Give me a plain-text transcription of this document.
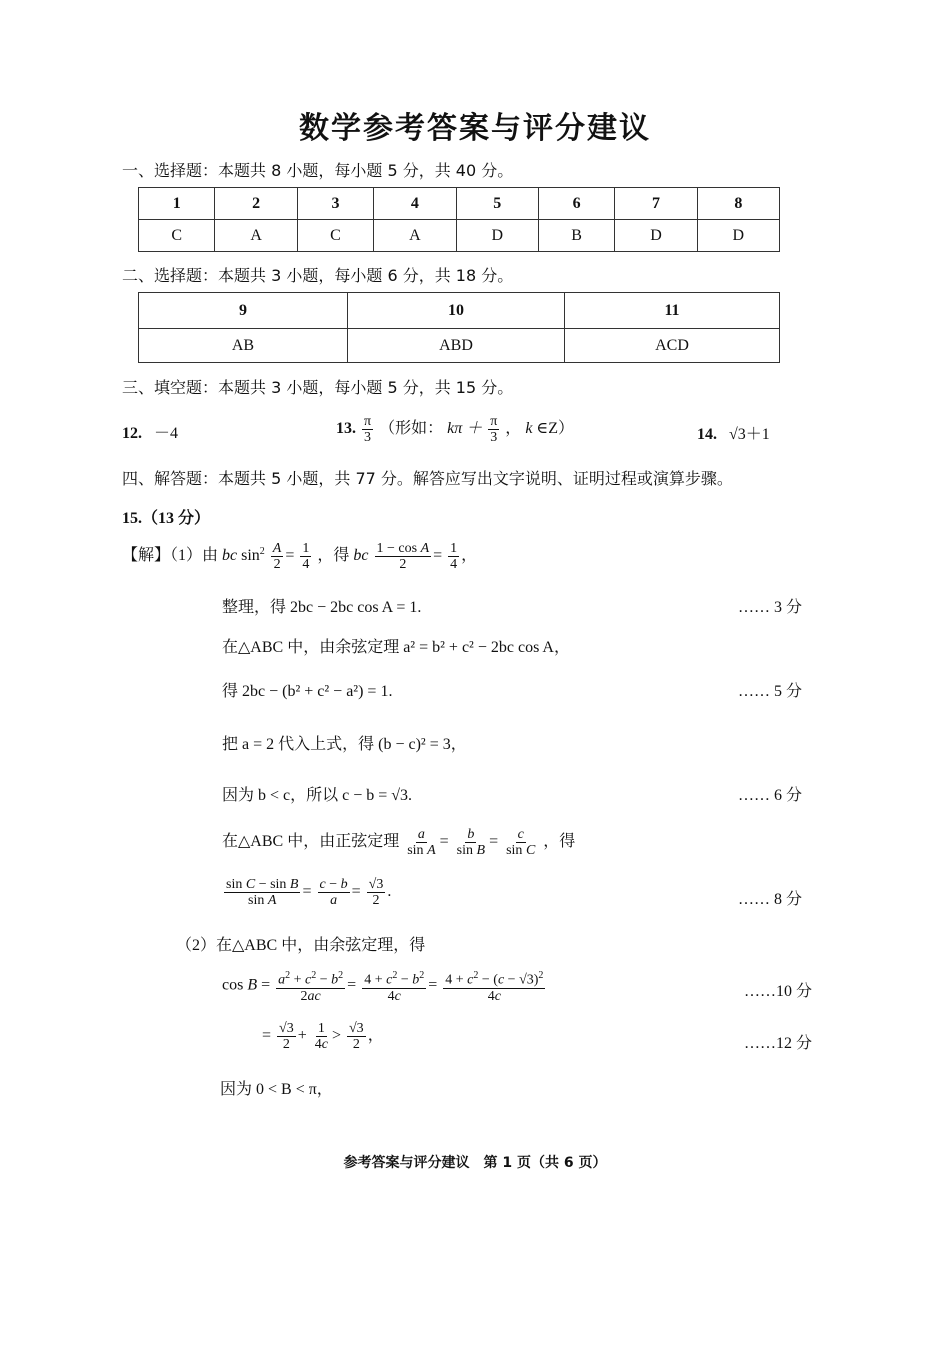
数学参考答案与评分建议
一、选择题：本题共 8 小题，每小题 5 分，共 40 分。
1	2	3	4	5	6	7	8
C	A	C	A	D	B	D	D
二、选择题：本题共 3 小题，每小题 6 分，共 18 分。
9	10	11
AB	ABD	ACD
三、填空题：本题共 3 小题，每小题 5 分，共 15 分。
12. －4	13. $\frac{\pi}{3}$ （形如： $k\pi + \frac{\pi}{3}$ ， k ∈Z）	14. √3＋1
四、解答题：本题共 5 小题，共 77 分。解答应写出文字说明、证明过程或演算步骤。
15.（13 分）
【解】（1）由 bc $\sin^2 \frac{A}{2} = \frac{1}{4}$ ，得 bc $\frac{\text{1 − cos A}}{2} = \frac{1}{4}$ ，
整理，得 2bc − 2bc cos A = 1.	…… 3 分
在△ABC 中，由余弦定理 a² = b² + c² − 2bc cos A，
得 2bc − (b² + c² − a²) = 1.	…… 5 分
把 a = 2 代入上式，得 (b − c)² = 3，
因为 b < c，所以 c − b = √3.	…… 6 分
在△ABC 中，由正弦定理 $\frac{a}{\text{sin A}} = \frac{b}{\text{sin B}} = \frac{c}{\text{sin C}}$ ，得
$\frac{\text{sin C − sin B}}{\text{sin A}} = \frac{c - b}{a} = \frac{√3}{2}$ .	…… 8 分
（2）在△ABC 中，由余弦定理，得
$\cos B = \frac{a^2 + c^2 - b^2}{2ac} = \frac{4 + c^2 - b^2}{4c} = \frac{4 + c^2 - (c - √3)^2}{4c}$	……10 分
= $\frac{√3}{2} + \frac{1}{4c} > \frac{√3}{2}$ ，	……12 分
因为 0 < B < π，
参考答案与评分建议　第 1 页（共 6 页）
